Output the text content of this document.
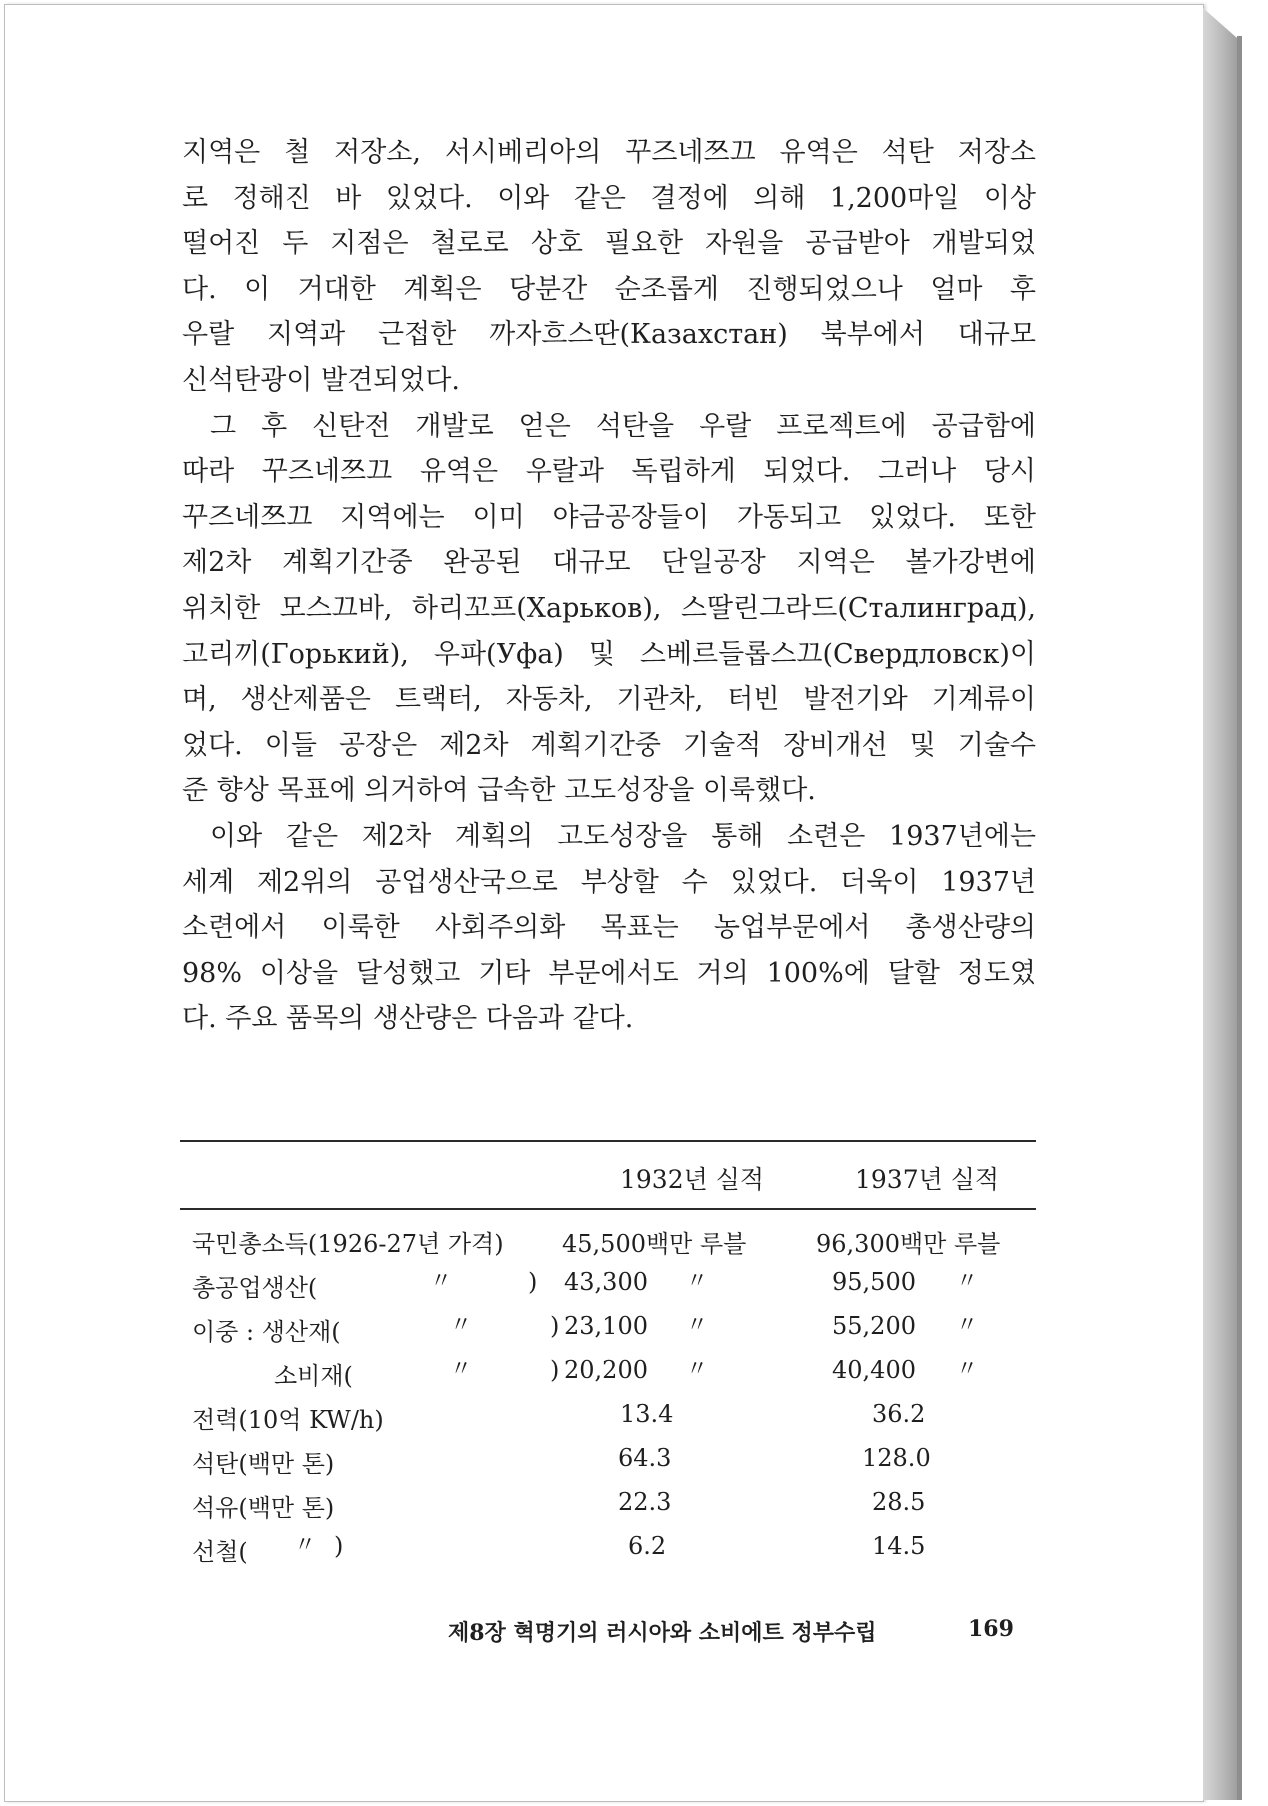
지역은 철 저장소, 서시베리아의 꾸즈네쯔끄 유역은 석탄 저장소
로 정해진 바 있었다. 이와 같은 결정에 의해 1,200마일 이상
떨어진 두 지점은 철로로 상호 필요한 자원을 공급받아 개발되었
다. 이 거대한 계획은 당분간 순조롭게 진행되었으나 얼마 후
우랄 지역과 근접한 까자흐스딴(Казахстан) 북부에서 대규모
신석탄광이 발견되었다.
그 후 신탄전 개발로 얻은 석탄을 우랄 프로젝트에 공급함에
따라 꾸즈네쯔끄 유역은 우랄과 독립하게 되었다. 그러나 당시
꾸즈네쯔끄 지역에는 이미 야금공장들이 가동되고 있었다. 또한
제2차 계획기간중 완공된 대규모 단일공장 지역은 볼가강변에
위치한 모스끄바, 하리꼬프(Харьков), 스딸린그라드(Сталинград),
고리끼(Горький), 우파(Уфа) 및 스베르들롭스끄(Свердловск)이
며, 생산제품은 트랙터, 자동차, 기관차, 터빈 발전기와 기계류이
었다. 이들 공장은 제2차 계획기간중 기술적 장비개선 및 기술수
준 향상 목표에 의거하여 급속한 고도성장을 이룩했다.
이와 같은 제2차 계획의 고도성장을 통해 소련은 1937년에는
세계 제2위의 공업생산국으로 부상할 수 있었다. 더욱이 1937년
소련에서 이룩한 사회주의화 목표는 농업부문에서 총생산량의
98% 이상을 달성했고 기타 부문에서도 거의 100%에 달할 정도였
다. 주요 품목의 생산량은 다음과 같다.
1932년 실적	1937년 실적
국민총소득(1926-27년 가격) 45,500백만 루블	96,300백만 루블
총공업생산(	〃	) 43,300 〃	95,500 〃
이중 : 생산재(	〃	) 23,100 〃	55,200 〃
소비재(	〃	) 20,200 〃	40,400 〃
전력(10억 KW/h)	13.4	36.2
석탄(백만 톤)	64.3	128.0
석유(백만 톤)	22.3	28.5
선철( 〃 )	6.2	14.5
제8장 혁명기의 러시아와 소비에트 정부수립	169
